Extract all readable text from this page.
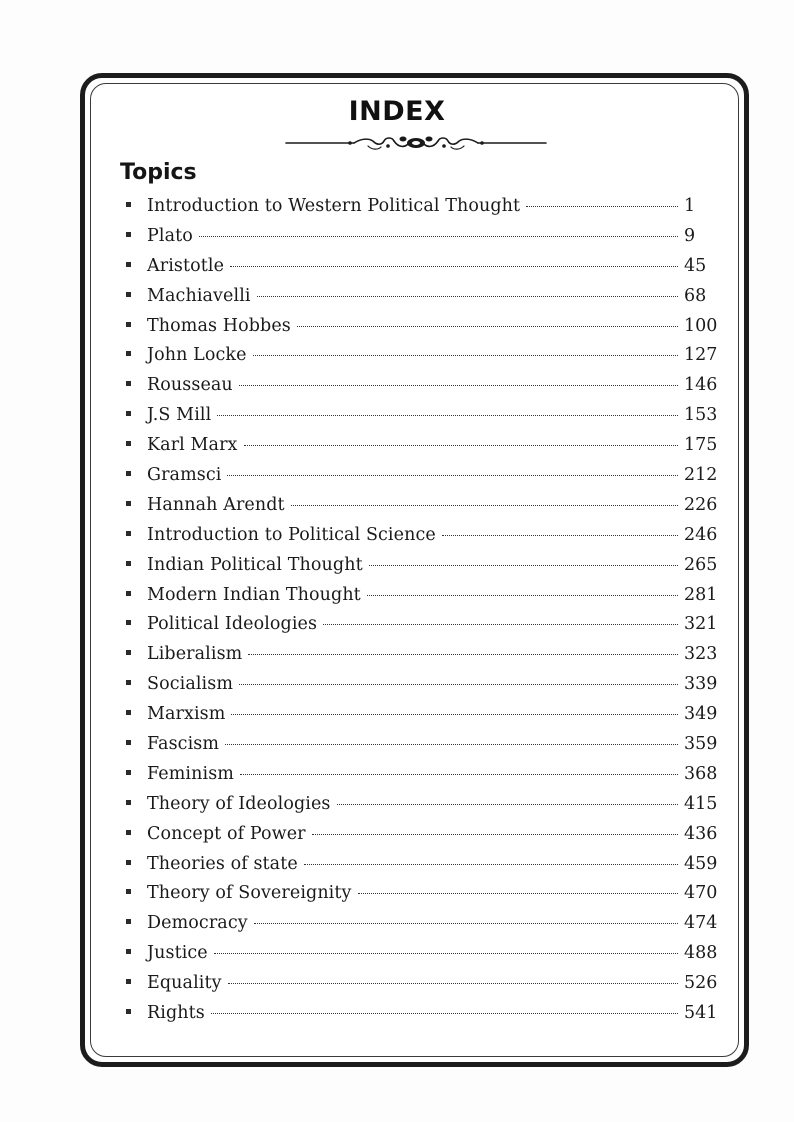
INDEX
Topics
Introduction to Western Political Thought	1
Plato	9
Aristotle	45
Machiavelli	68
Thomas Hobbes	100
John Locke	127
Rousseau	146
J.S Mill	153
Karl Marx	175
Gramsci	212
Hannah Arendt	226
Introduction to Political Science	246
Indian Political Thought	265
Modern Indian Thought	281
Political Ideologies	321
Liberalism	323
Socialism	339
Marxism	349
Fascism	359
Feminism	368
Theory of Ideologies	415
Concept of Power	436
Theories of state	459
Theory of Sovereignity	470
Democracy	474
Justice	488
Equality	526
Rights	541
